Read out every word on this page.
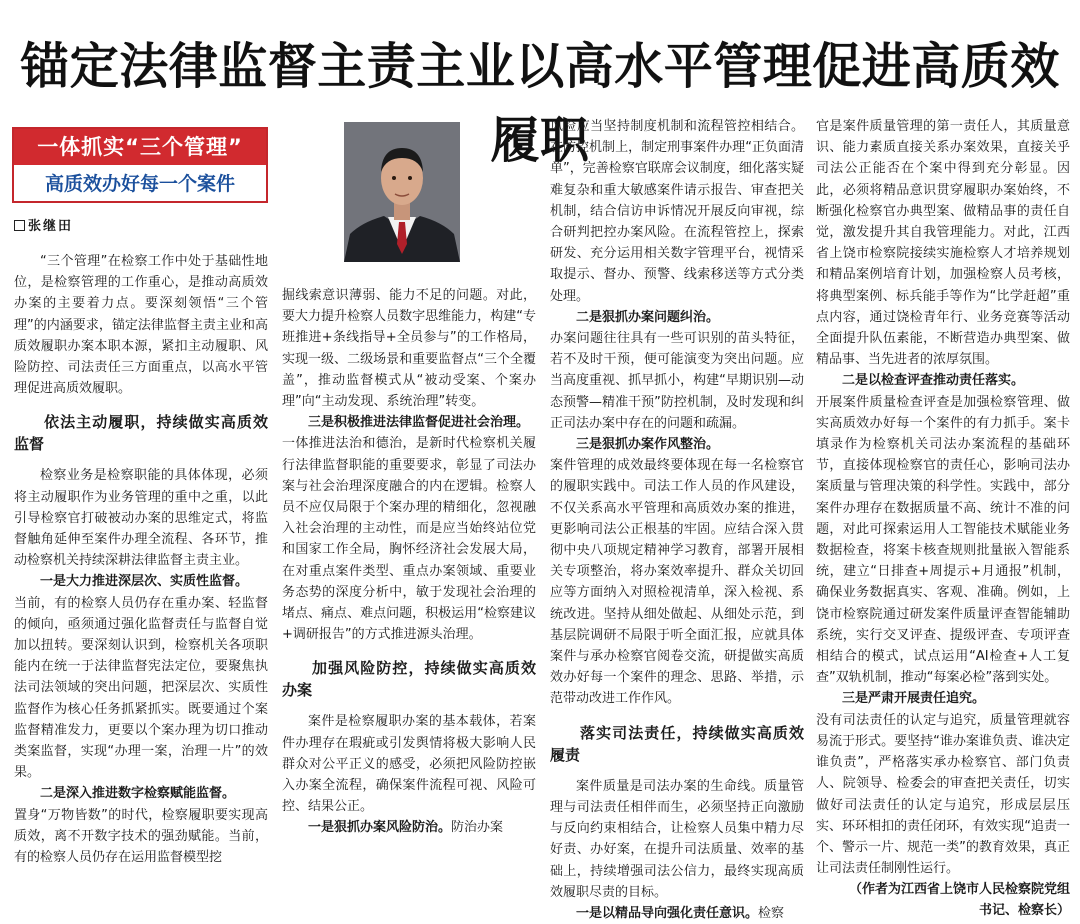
锚定法律监督主责主业以高水平管理促进高质效履职
一体抓实“三个管理”
高质效办好每一个案件
张继田

“三个管理”在检察工作中处于基础性地位，是检察管理的工作重心，是推动高质效办案的主要着力点。要深刻领悟“三个管理”的内涵要求，锚定法律监督主责主业和高质效履职办案本职本源，紧扣主动履职、风险防控、司法责任三方面重点，以高水平管理促进高质效履职。

依法主动履职，持续做实高质效监督

检察业务是检察职能的具体体现，必须将主动履职作为业务管理的重中之重，以此引导检察官打破被动办案的思维定式，将监督触角延伸至案件办理全流程、各环节，推动检察机关持续深耕法律监督主责主业。

一是大力推进深层次、实质性监督。

当前，有的检察人员仍存在重办案、轻监督的倾向，亟须通过强化监督责任与监督自觉加以扭转。要深刻认识到，检察机关各项职能内在统一于法律监督宪法定位，要聚焦执法司法领域的突出问题，把深层次、实质性监督作为核心任务抓紧抓实。既要通过个案监督精准发力，更要以个案办理为切口推动类案监督，实现“办理一案，治理一片”的效果。

二是深入推进数字检察赋能监督。

置身“万物皆数”的时代，检察履职要实现高质效，离不开数字技术的强劲赋能。当前，有的检察人员仍存在运用监督模型挖

掘线索意识薄弱、能力不足的问题。对此，要大力提升检察人员数字思维能力，构建“专班推进+条线指导+全员参与”的工作格局，实现一级、二级场景和重要监督点“三个全覆盖”，推动监督模式从“被动受案、个案办理”向“主动发现、系统治理”转变。

三是积极推进法律监督促进社会治理。

一体推进法治和德治，是新时代检察机关履行法律监督职能的重要要求，彰显了司法办案与社会治理深度融合的内在逻辑。检察人员不应仅局限于个案办理的精细化，忽视融入社会治理的主动性，而是应当始终站位党和国家工作全局，胸怀经济社会发展大局，在对重点案件类型、重点办案领域、重要业务态势的深度分析中，敏于发现社会治理的堵点、痛点、难点问题，积极运用“检察建议+调研报告”的方式推进源头治理。

加强风险防控，持续做实高质效办案

案件是检察履职办案的基本载体，若案件办理存在瑕疵或引发舆情将极大影响人民群众对公平正义的感受，必须把风险防控嵌入办案全流程，确保案件流程可视、风险可控、结果公正。

一是狠抓办案风险防治。防治办案

风险应当坚持制度机制和流程管控相结合。在防控机制上，制定刑事案件办理“正负面清单”，完善检察官联席会议制度，细化落实疑难复杂和重大敏感案件请示报告、审查把关机制，结合信访申诉情况开展反向审视，综合研判把控办案风险。在流程管控上，探索研发、充分运用相关数字管理平台，视情采取提示、督办、预警、线索移送等方式分类处理。

二是狠抓办案问题纠治。

办案问题往往具有一些可识别的苗头特征，若不及时干预，便可能演变为突出问题。应当高度重视、抓早抓小，构建“早期识别—动态预警—精准干预”防控机制，及时发现和纠正司法办案中存在的问题和疏漏。

三是狠抓办案作风整治。

案件管理的成效最终要体现在每一名检察官的履职实践中。司法工作人员的作风建设，不仅关系高水平管理和高质效办案的推进，更影响司法公正根基的牢固。应结合深入贯彻中央八项规定精神学习教育，部署开展相关专项整治，将办案效率提升、群众关切回应等方面纳入对照检视清单，深入检视、系统改进。坚持从细处做起、从细处示范，到基层院调研不局限于听全面汇报，应就具体案件与承办检察官阅卷交流，研提做实高质效办好每一个案件的理念、思路、举措，示范带动改进工作作风。

落实司法责任，持续做实高质效履责

案件质量是司法办案的生命线。质量管理与司法责任相伴而生，必须坚持正向激励与反向约束相结合，让检察人员集中精力尽好责、办好案，在提升司法质量、效率的基础上，持续增强司法公信力，最终实现高质效履职尽责的目标。

一是以精品导向强化责任意识。检察

官是案件质量管理的第一责任人，其质量意识、能力素质直接关系办案效果，直接关乎司法公正能否在个案中得到充分彰显。因此，必须将精品意识贯穿履职办案始终，不断强化检察官办典型案、做精品事的责任自觉，激发提升其自我管理能力。对此，江西省上饶市检察院接续实施检察人才培养规划和精品案例培育计划，加强检察人员考核，将典型案例、标兵能手等作为“比学赶超”重点内容，通过饶检青年行、业务竞赛等活动全面提升队伍素能，不断营造办典型案、做精品事、当先进者的浓厚氛围。

二是以检查评查推动责任落实。

开展案件质量检查评查是加强检察管理、做实高质效办好每一个案件的有力抓手。案卡填录作为检察机关司法办案流程的基础环节，直接体现检察官的责任心，影响司法办案质量与管理决策的科学性。实践中，部分案件办理存在数据质量不高、统计不准的问题，对此可探索运用人工智能技术赋能业务数据检查，将案卡核查规则批量嵌入智能系统，建立“日排查+周提示+月通报”机制，确保业务数据真实、客观、准确。例如，上饶市检察院通过研发案件质量评查智能辅助系统，实行交叉评查、提级评查、专项评查相结合的模式，试点运用“AI检查+人工复查”双轨机制，推动“每案必检”落到实处。

三是严肃开展责任追究。

没有司法责任的认定与追究，质量管理就容易流于形式。要坚持“谁办案谁负责、谁决定谁负责”，严格落实承办检察官、部门负责人、院领导、检委会的审查把关责任，切实做好司法责任的认定与追究，形成层层压实、环环相扣的责任闭环，有效实现“追责一个、警示一片、规范一类”的教育效果，真正让司法责任制刚性运行。

（作者为江西省上饶市人民检察院党组书记、检察长）
